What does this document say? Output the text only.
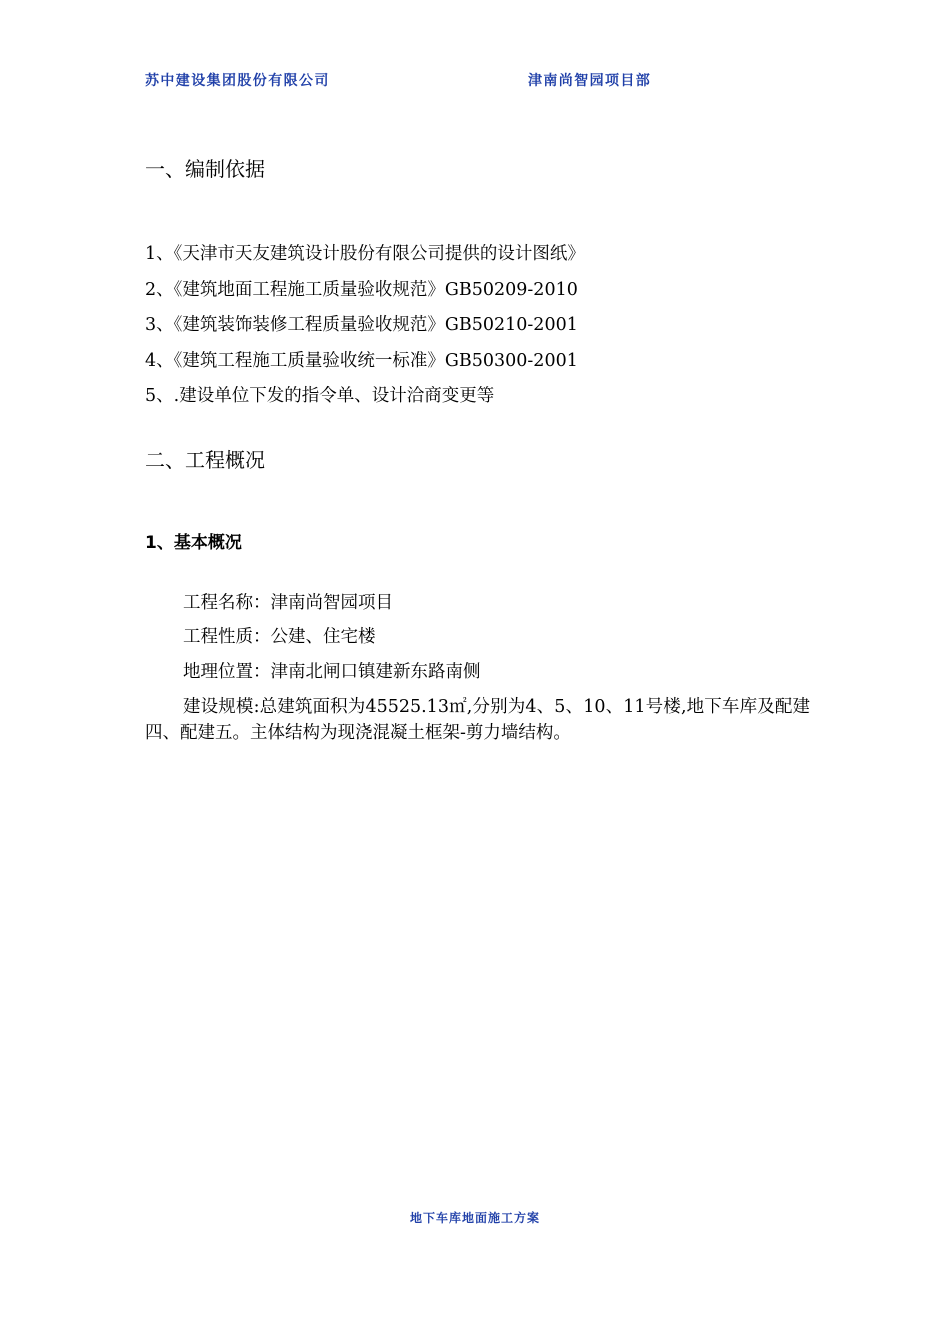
苏中建设集团股份有限公司	津南尚智园项目部
一、编制依据
1、《天津市天友建筑设计股份有限公司提供的设计图纸》
2、《建筑地面工程施工质量验收规范》GB50209-2010
3、《建筑装饰装修工程质量验收规范》GB50210-2001
4、《建筑工程施工质量验收统一标准》GB50300-2001
5、.建设单位下发的指令单、设计洽商变更等
二、工程概况
1、基本概况
工程名称：津南尚智园项目
工程性质：公建、住宅楼
地理位置：津南北闸口镇建新东路南侧
建设规模:总建筑面积为45525.13㎡,分别为4、5、10、11号楼,地下车库及配建四、配建五。主体结构为现浇混凝土框架-剪力墙结构。
地下车库地面施工方案
